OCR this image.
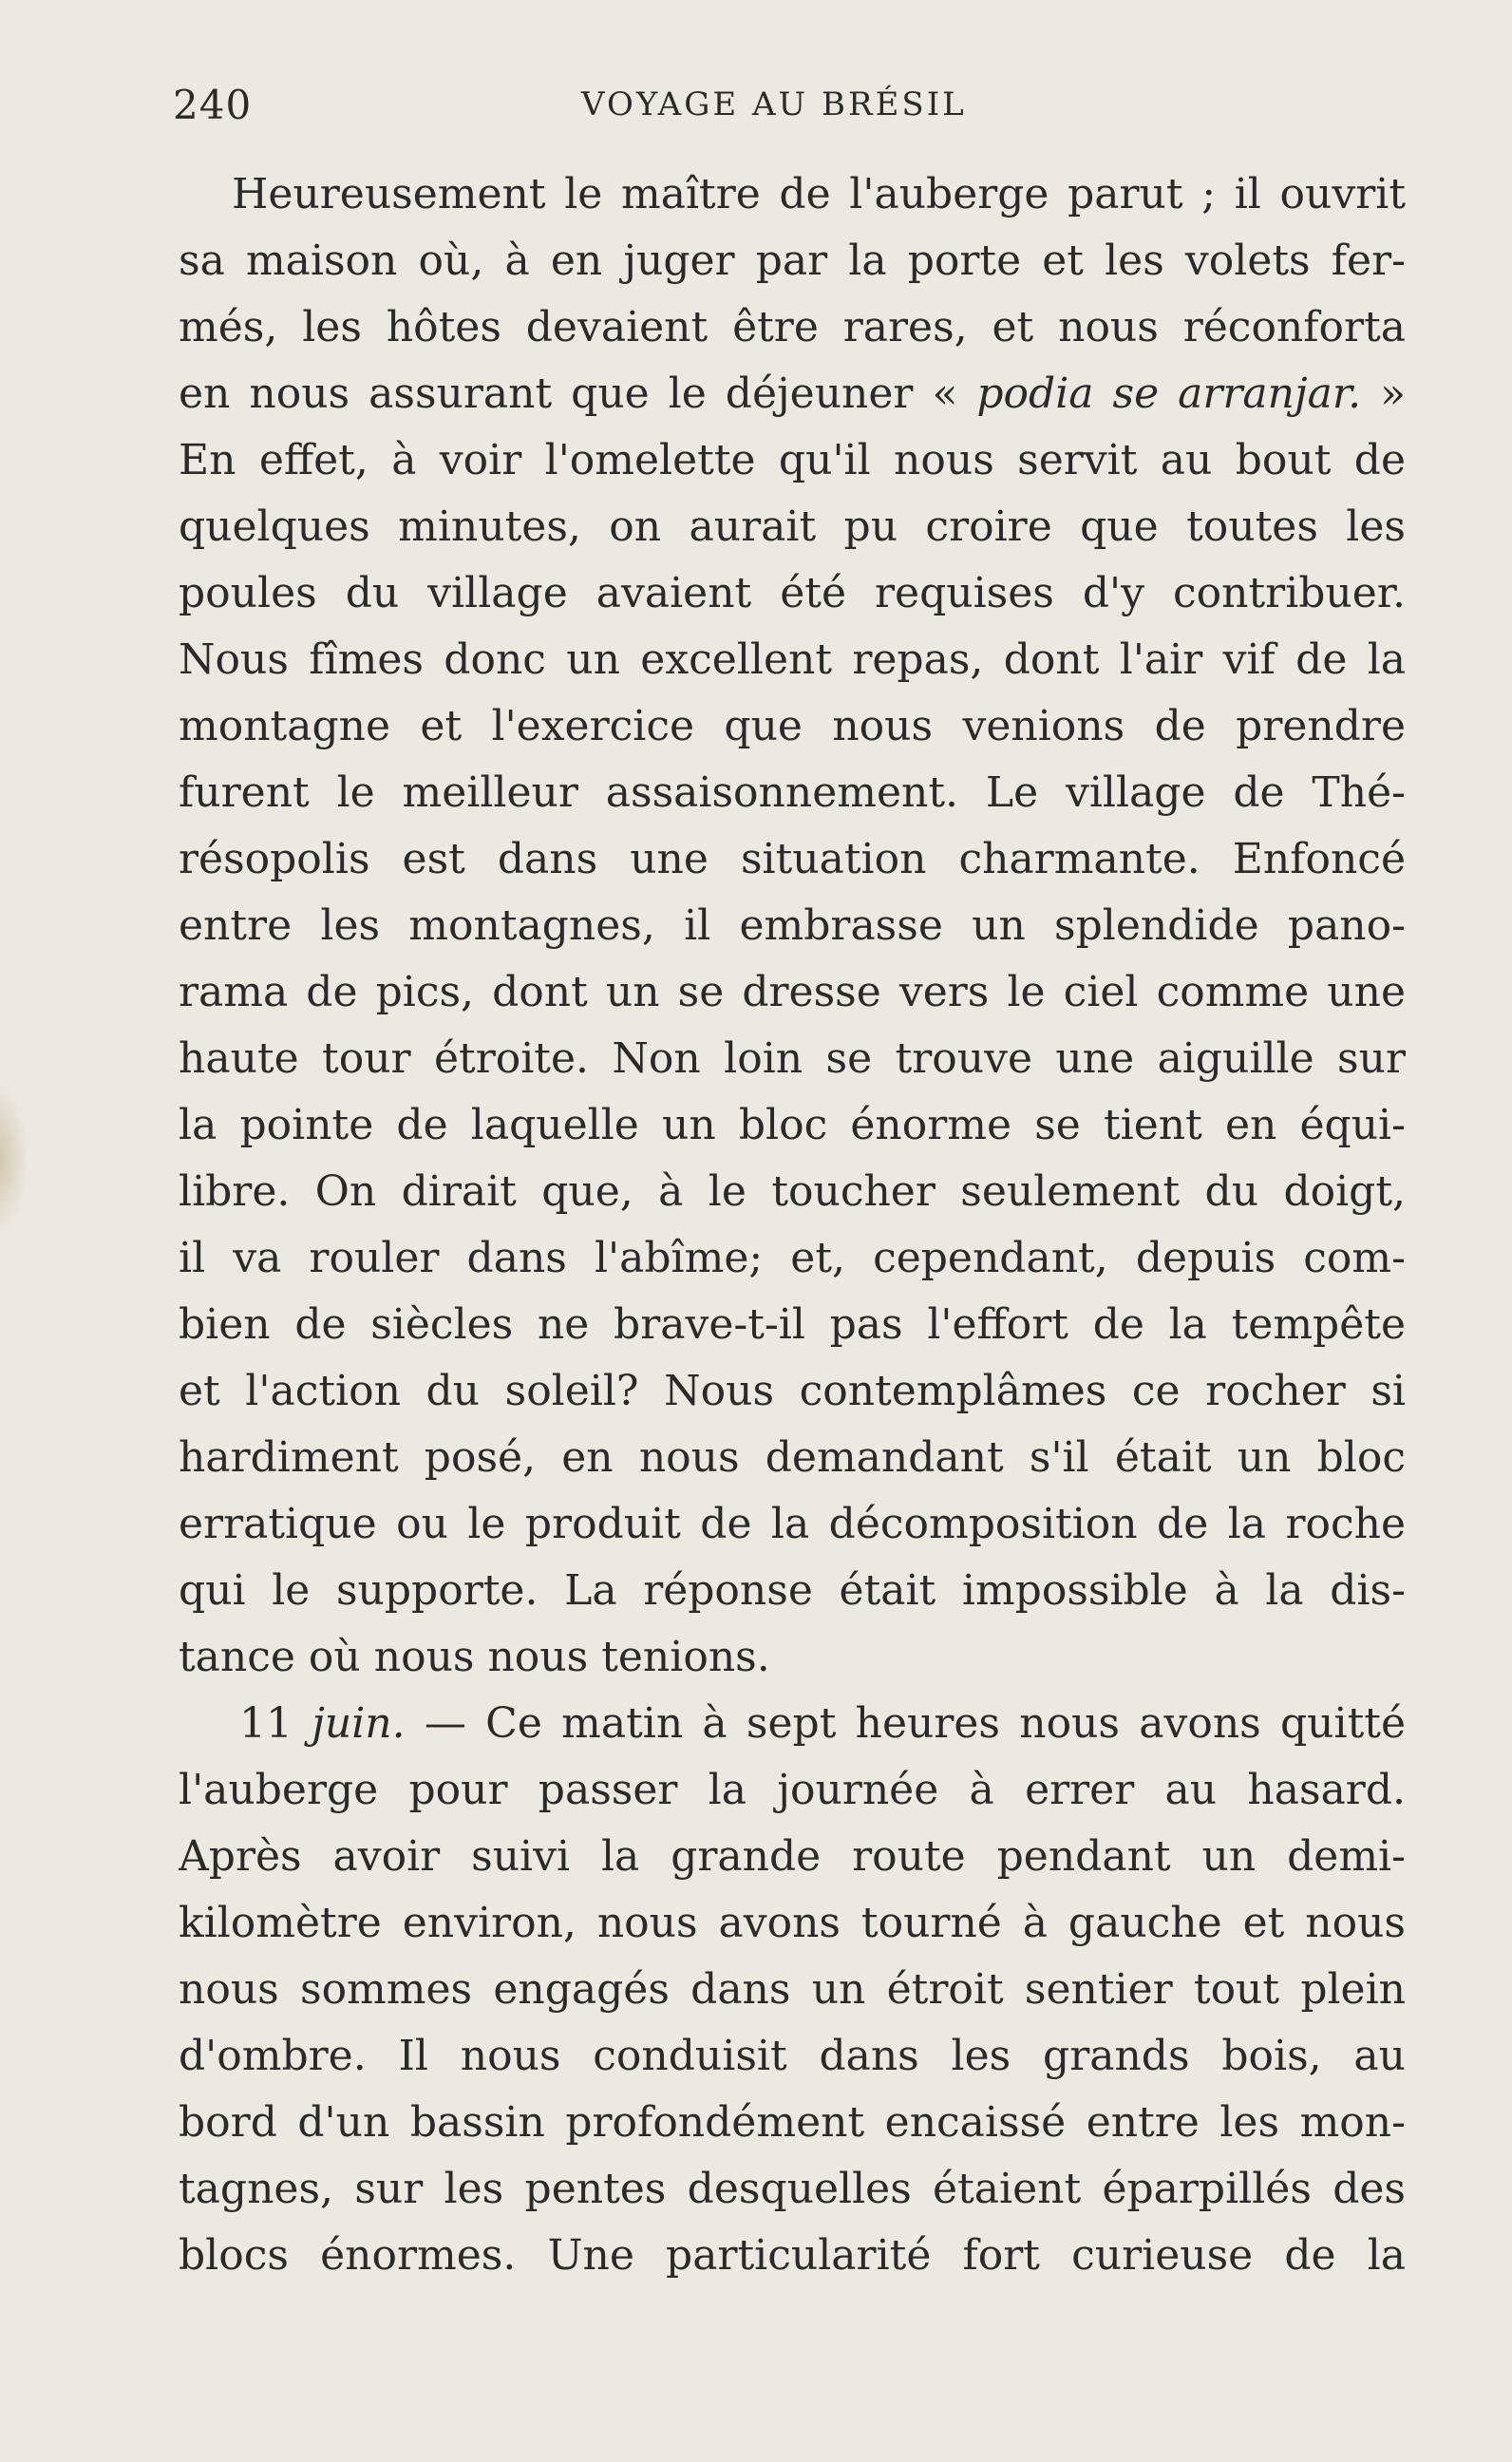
240	VOYAGE AU BRÉSIL
Heureusement le maître de l'auberge parut ; il ouvrit
sa maison où, à en juger par la porte et les volets fer-
més, les hôtes devaient être rares, et nous réconforta
en nous assurant que le déjeuner « podia se arranjar. »
En effet, à voir l'omelette qu'il nous servit au bout de
quelques minutes, on aurait pu croire que toutes les
poules du village avaient été requises d'y contribuer.
Nous fîmes donc un excellent repas, dont l'air vif de la
montagne et l'exercice que nous venions de prendre
furent le meilleur assaisonnement. Le village de Thé-
résopolis est dans une situation charmante. Enfoncé
entre les montagnes, il embrasse un splendide pano-
rama de pics, dont un se dresse vers le ciel comme une
haute tour étroite. Non loin se trouve une aiguille sur
la pointe de laquelle un bloc énorme se tient en équi-
libre. On dirait que, à le toucher seulement du doigt,
il va rouler dans l'abîme; et, cependant, depuis com-
bien de siècles ne brave-t-il pas l'effort de la tempête
et l'action du soleil? Nous contemplâmes ce rocher si
hardiment posé, en nous demandant s'il était un bloc
erratique ou le produit de la décomposition de la roche
qui le supporte. La réponse était impossible à la dis-
tance où nous nous tenions.
11 juin. — Ce matin à sept heures nous avons quitté
l'auberge pour passer la journée à errer au hasard.
Après avoir suivi la grande route pendant un demi-
kilomètre environ, nous avons tourné à gauche et nous
nous sommes engagés dans un étroit sentier tout plein
d'ombre. Il nous conduisit dans les grands bois, au
bord d'un bassin profondément encaissé entre les mon-
tagnes, sur les pentes desquelles étaient éparpillés des
blocs énormes. Une particularité fort curieuse de la
